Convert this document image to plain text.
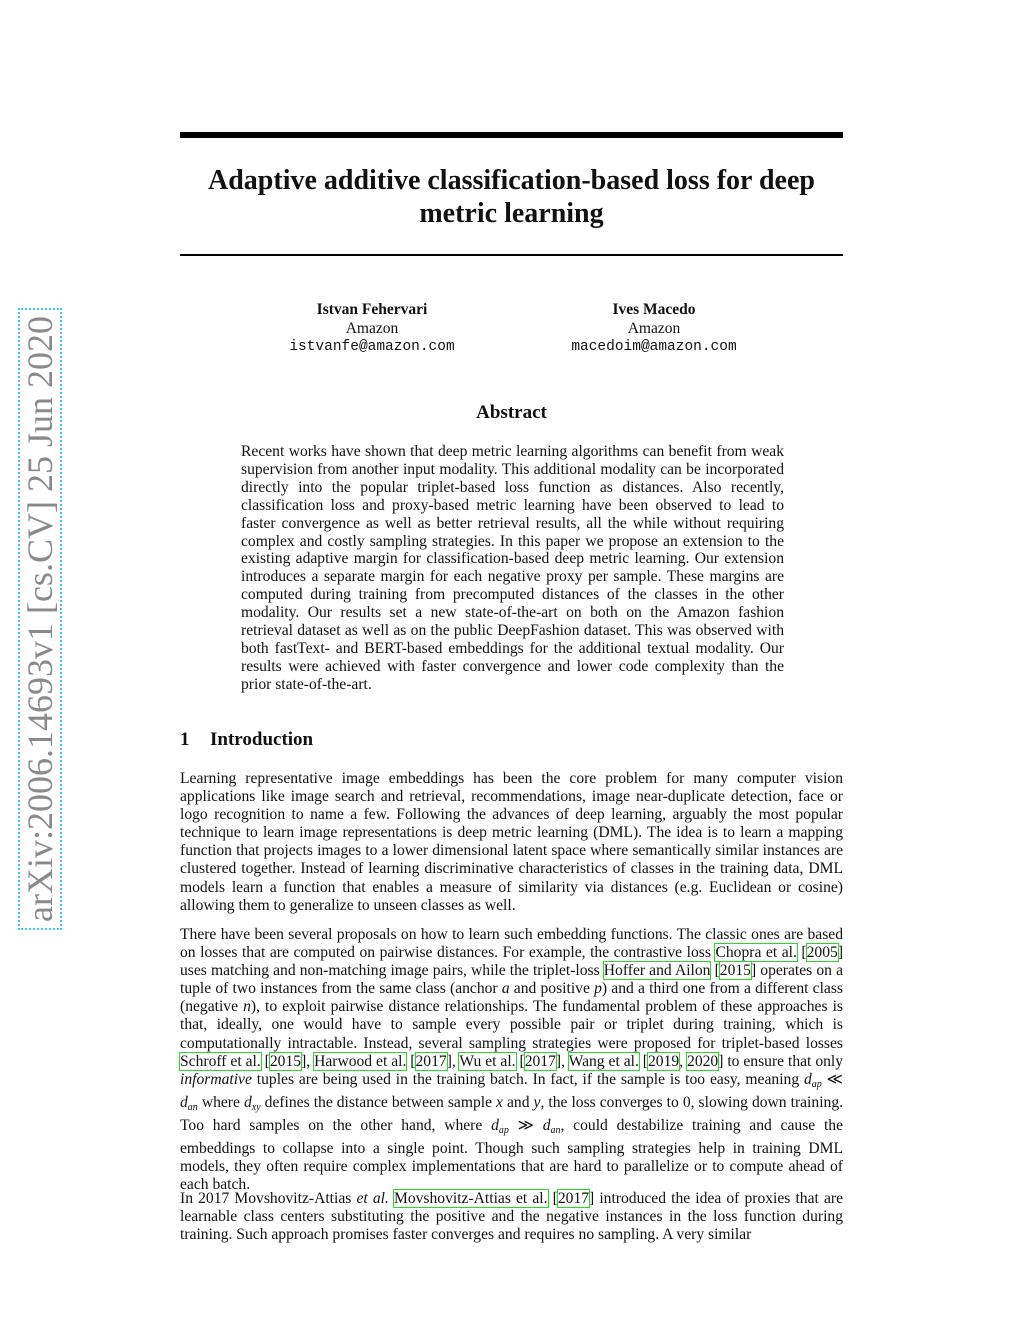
arXiv:2006.14693v1 [cs.CV] 25 Jun 2020
Adaptive additive classification-based loss for deep metric learning
Istvan Fehervari
Amazon
istvanfe@amazon.com
Ives Macedo
Amazon
macedoim@amazon.com
Abstract

Recent works have shown that deep metric learning algorithms can benefit from weak supervision from another input modality. This additional modality can be incorporated directly into the popular triplet-based loss function as distances. Also recently, classification loss and proxy-based metric learning have been observed to lead to faster convergence as well as better retrieval results, all the while without requiring complex and costly sampling strategies. In this paper we propose an extension to the existing adaptive margin for classification-based deep metric learning. Our extension introduces a separate margin for each negative proxy per sample. These margins are computed during training from precomputed distances of the classes in the other modality. Our results set a new state-of-the-art on both on the Amazon fashion retrieval dataset as well as on the public DeepFashion dataset. This was observed with both fastText- and BERT-based embeddings for the additional textual modality. Our results were achieved with faster convergence and lower code complexity than the prior state-of-the-art.

1 Introduction

Learning representative image embeddings has been the core problem for many computer vision applications like image search and retrieval, recommendations, image near-duplicate detection, face or logo recognition to name a few. Following the advances of deep learning, arguably the most popular technique to learn image representations is deep metric learning (DML). The idea is to learn a mapping function that projects images to a lower dimensional latent space where semantically similar instances are clustered together. Instead of learning discriminative characteristics of classes in the training data, DML models learn a function that enables a measure of similarity via distances (e.g. Euclidean or cosine) allowing them to generalize to unseen classes as well.

There have been several proposals on how to learn such embedding functions. The classic ones are based on losses that are computed on pairwise distances. For example, the contrastive loss Chopra et al. [2005] uses matching and non-matching image pairs, while the triplet-loss Hoffer and Ailon [2015] operates on a tuple of two instances from the same class (anchor a and positive p) and a third one from a different class (negative n), to exploit pairwise distance relationships. The fundamental problem of these approaches is that, ideally, one would have to sample every possible pair or triplet during training, which is computationally intractable. Instead, several sampling strategies were proposed for triplet-based losses Schroff et al. [2015], Harwood et al. [2017], Wu et al. [2017], Wang et al. [2019, 2020] to ensure that only informative tuples are being used in the training batch. In fact, if the sample is too easy, meaning $d_{ap}$ ≪ $d_{an}$ where $d_{xy}$ defines the distance between sample x and y, the loss converges to 0, slowing down training. Too hard samples on the other hand, where $d_{ap}$ ≫ $d_{an}$, could destabilize training and cause the embeddings to collapse into a single point. Though such sampling strategies help in training DML models, they often require complex implementations that are hard to parallelize or to compute ahead of each batch.

In 2017 Movshovitz-Attias et al. Movshovitz-Attias et al. [2017] introduced the idea of proxies that are learnable class centers substituting the positive and the negative instances in the loss function during training. Such approach promises faster converges and requires no sampling. A very similar
